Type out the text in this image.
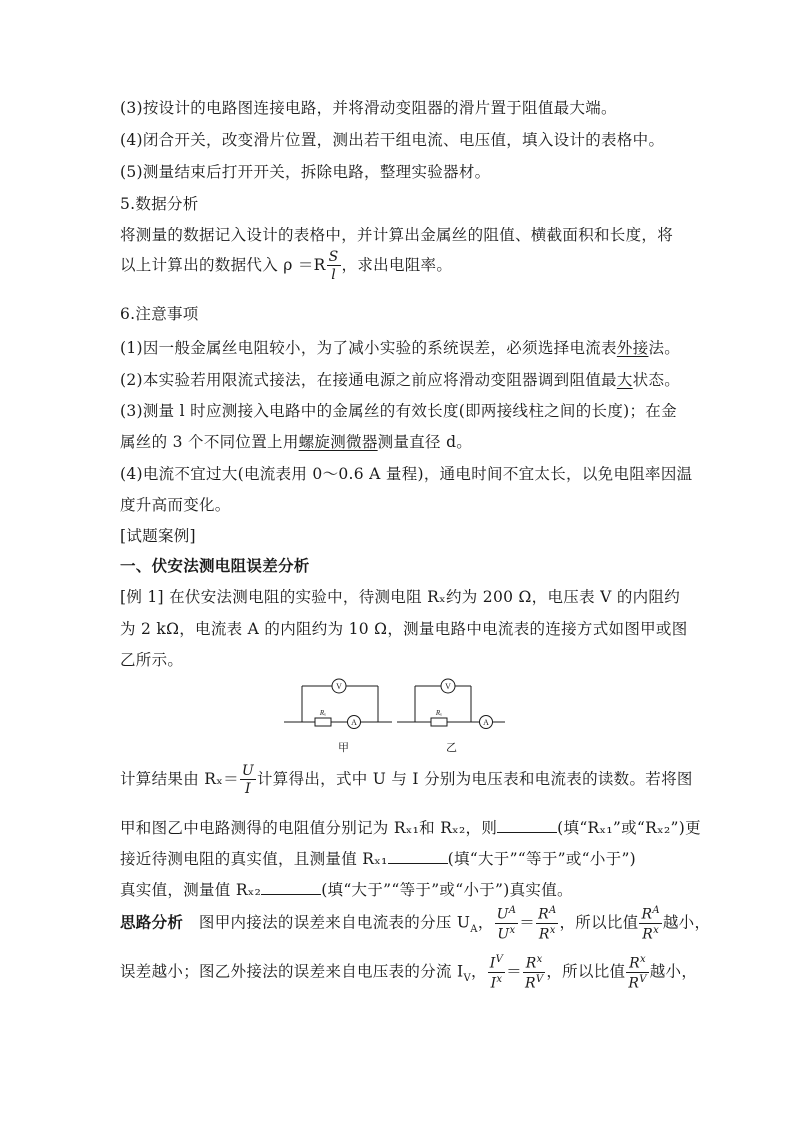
(3)按设计的电路图连接电路，并将滑动变阻器的滑片置于阻值最大端。
(4)闭合开关，改变滑片位置，测出若干组电流、电压值，填入设计的表格中。
(5)测量结束后打开开关，拆除电路，整理实验器材。
5.数据分析
将测量的数据记入设计的表格中，并计算出金属丝的阻值、横截面积和长度，将
以上计算出的数据代入 $\rho =R \frac{S}{l}$ ，求出电阻率。
6.注意事项
(1)因一般金属丝电阻较小，为了减小实验的系统误差，必须选择电流表外接法。
(2)本实验若用限流式接法，在接通电源之前应将滑动变阻器调到阻值最大状态。
(3)测量 l 时应测接入电路中的金属丝的有效长度(即两接线柱之间的长度)；在金
属丝的 3 个不同位置上用螺旋测微器测量直径 d。
(4)电流不宜过大(电流表用 0～0.6 A 量程)，通电时间不宜太长，以免电阻率因温
度升高而变化。
[试题案例]
一、伏安法测电阻误差分析
[例 1] 在伏安法测电阻的实验中，待测电阻 Rₓ约为 200 Ω，电压表 V 的内阻约
为 2 kΩ，电流表 A 的内阻约为 10 Ω，测量电路中电流表的连接方式如图甲或图
乙所示。
V
A
Rₓ
甲
V
A
Rₓ
乙
计算结果由 $R_x= \frac{U}{I}$ 计算得出，式中 U 与 I 分别为电压表和电流表的读数。若将图
甲和图乙中电路测得的电阻值分别记为 Rₓ₁和 Rₓ₂，则	(填“Rₓ₁”或“Rₓ₂”)更
接近待测电阻的真实值，且测量值 Rₓ₁	(填“大于”“等于”或“小于”)
真实值，测量值 Rₓ₂	(填“大于”“等于”或“小于”)真实值。
思路分析 图甲内接法的误差来自电流表的分压 $U_A$， $\frac{U^A}{U^x} = \frac{R^A}{R^x}$ ，所以比值 $\frac{R^A}{R^x}$ 越小，
误差越小；图乙外接法的误差来自电压表的分流 $I_V$， $\frac{I^V}{I^x} = \frac{R^x}{R^V}$ ，所以比值 $\frac{R^x}{R^V}$ 越小，
